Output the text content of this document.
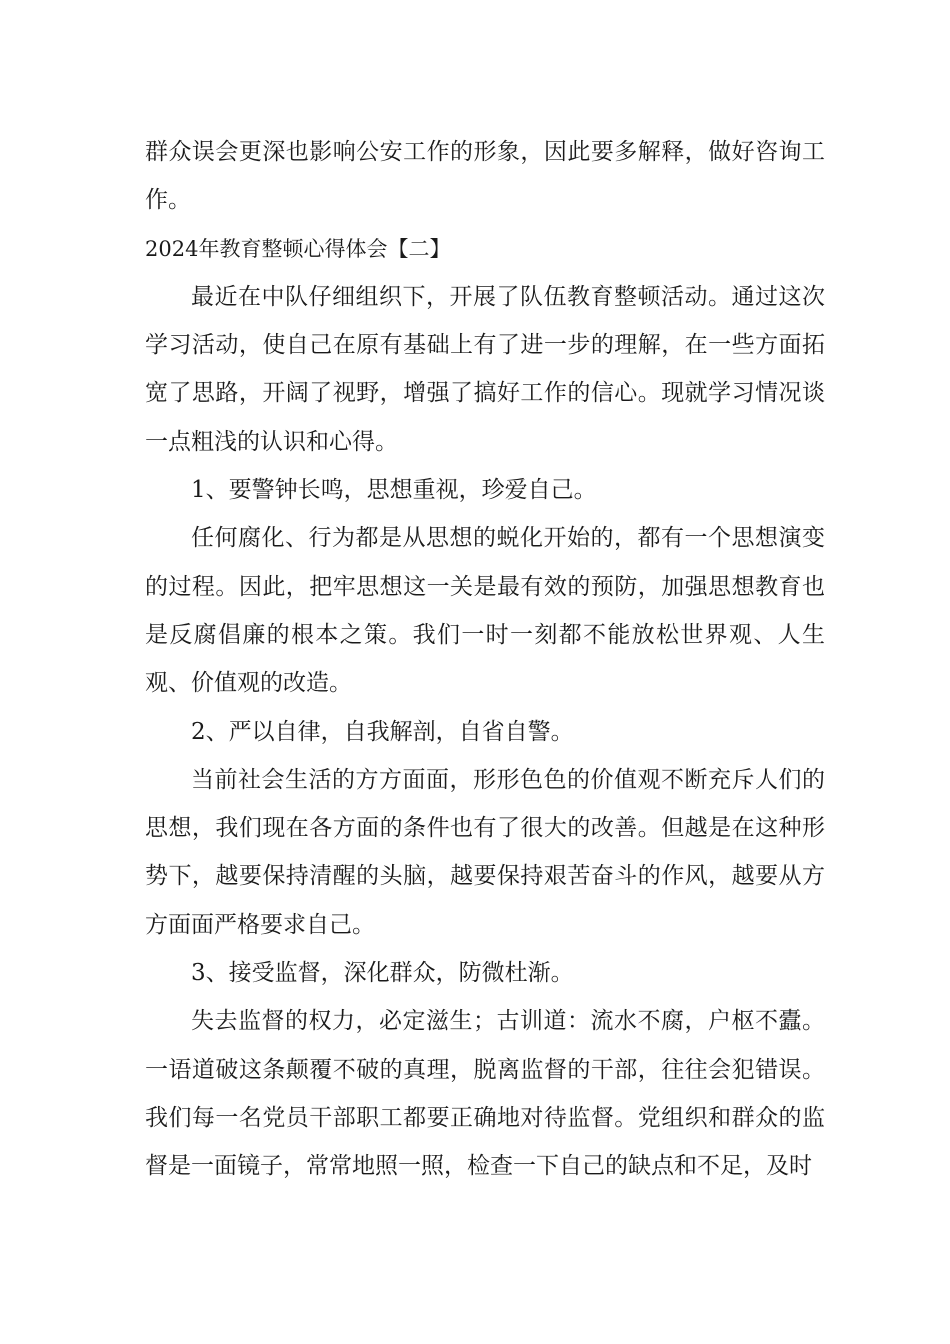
群众误会更深也影响公安工作的形象，因此要多解释，做好咨询工作。

2024年教育整顿心得体会【二】

最近在中队仔细组织下，开展了队伍教育整顿活动。通过这次学习活动，使自己在原有基础上有了进一步的理解，在一些方面拓宽了思路，开阔了视野，增强了搞好工作的信心。现就学习情况谈一点粗浅的认识和心得。

1、要警钟长鸣，思想重视，珍爱自己。

任何腐化、行为都是从思想的蜕化开始的，都有一个思想演变的过程。因此，把牢思想这一关是最有效的预防，加强思想教育也是反腐倡廉的根本之策。我们一时一刻都不能放松世界观、人生观、价值观的改造。

2、严以自律，自我解剖，自省自警。

当前社会生活的方方面面，形形色色的价值观不断充斥人们的思想，我们现在各方面的条件也有了很大的改善。但越是在这种形势下，越要保持清醒的头脑，越要保持艰苦奋斗的作风，越要从方方面面严格要求自己。

3、接受监督，深化群众，防微杜渐。

失去监督的权力，必定滋生；古训道：流水不腐，户枢不蠹。一语道破这条颠覆不破的真理，脱离监督的干部，往往会犯错误。我们每一名党员干部职工都要正确地对待监督。党组织和群众的监督是一面镜子，常常地照一照，检查一下自己的缺点和不足，及时
